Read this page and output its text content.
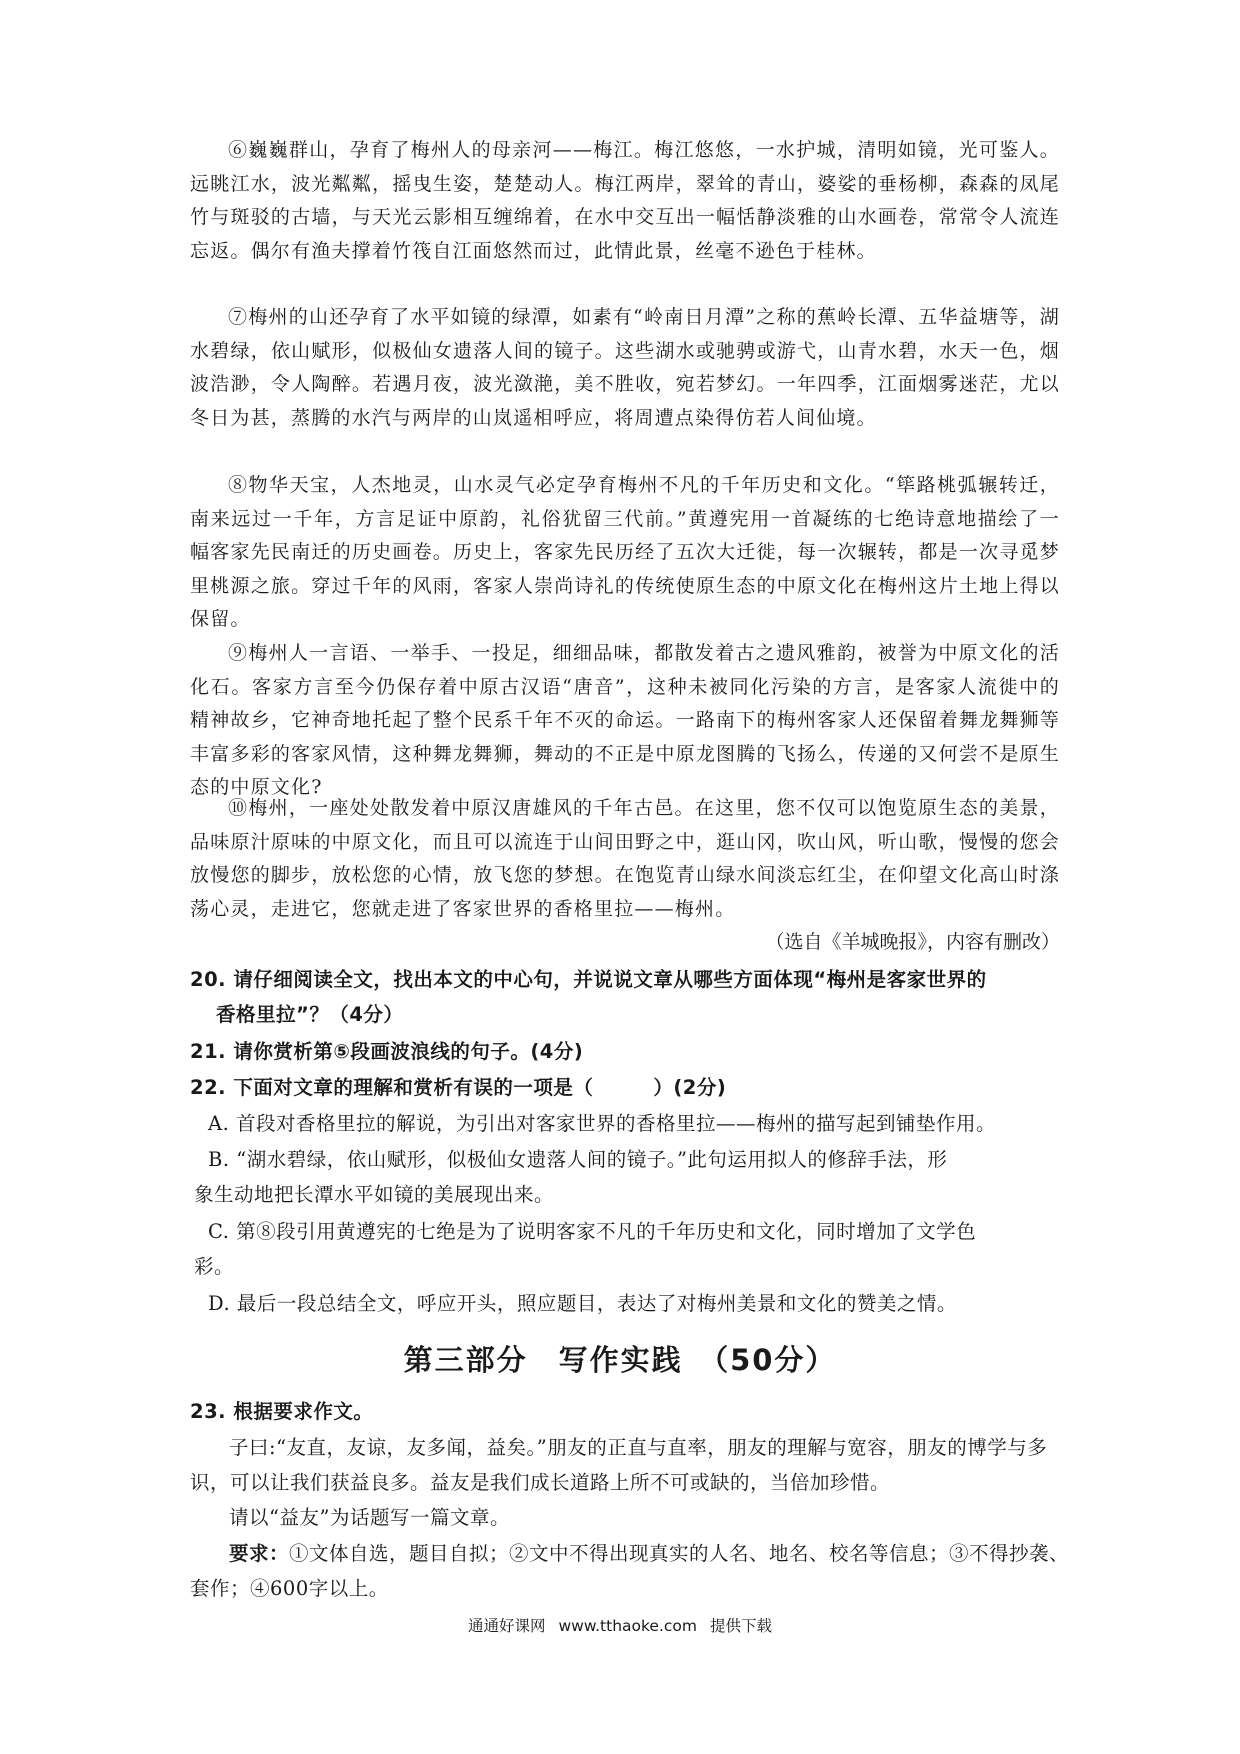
⑥巍巍群山，孕育了梅州人的母亲河——梅江。梅江悠悠，一水护城，清明如镜，光可鉴人。远眺江水，波光粼粼，摇曳生姿，楚楚动人。梅江两岸，翠耸的青山，婆娑的垂杨柳，森森的凤尾竹与斑驳的古墙，与天光云影相互缠绵着，在水中交互出一幅恬静淡雅的山水画卷，常常令人流连忘返。偶尔有渔夫撑着竹筏自江面悠然而过，此情此景，丝毫不逊色于桂林。

⑦梅州的山还孕育了水平如镜的绿潭，如素有“岭南日月潭”之称的蕉岭长潭、五华益塘等，湖水碧绿，依山赋形，似极仙女遗落人间的镜子。这些湖水或驰骋或游弋，山青水碧，水天一色，烟波浩渺，令人陶醉。若遇月夜，波光潋滟，美不胜收，宛若梦幻。一年四季，江面烟雾迷茫，尤以冬日为甚，蒸腾的水汽与两岸的山岚遥相呼应，将周遭点染得仿若人间仙境。

⑧物华天宝，人杰地灵，山水灵气必定孕育梅州不凡的千年历史和文化。“筚路桃弧辗转迁，南来远过一千年，方言足证中原韵，礼俗犹留三代前。”黄遵宪用一首凝练的七绝诗意地描绘了一幅客家先民南迁的历史画卷。历史上，客家先民历经了五次大迁徙，每一次辗转，都是一次寻觅梦里桃源之旅。穿过千年的风雨，客家人崇尚诗礼的传统使原生态的中原文化在梅州这片土地上得以保留。

⑨梅州人一言语、一举手、一投足，细细品味，都散发着古之遗风雅韵，被誉为中原文化的活化石。客家方言至今仍保存着中原古汉语“唐音”，这种未被同化污染的方言，是客家人流徙中的精神故乡，它神奇地托起了整个民系千年不灭的命运。一路南下的梅州客家人还保留着舞龙舞狮等丰富多彩的客家风情，这种舞龙舞狮，舞动的不正是中原龙图腾的飞扬么，传递的又何尝不是原生态的中原文化?

⑩梅州，一座处处散发着中原汉唐雄风的千年古邑。在这里，您不仅可以饱览原生态的美景，品味原汁原味的中原文化，而且可以流连于山间田野之中，逛山冈，吹山风，听山歌，慢慢的您会放慢您的脚步，放松您的心情，放飞您的梦想。在饱览青山绿水间淡忘红尘，在仰望文化高山时涤荡心灵，走进它，您就走进了客家世界的香格里拉——梅州。

（选自《羊城晚报》，内容有删改）

20. 请仔细阅读全文，找出本文的中心句，并说说文章从哪些方面体现“梅州是客家世界的
香格里拉”？（4分）

21. 请你赏析第⑤段画波浪线的句子。(4分)

22. 下面对文章的理解和赏析有误的一项是（　　　）(2分)

A. 首段对香格里拉的解说，为引出对客家世界的香格里拉——梅州的描写起到铺垫作用。

B. “湖水碧绿，依山赋形，似极仙女遗落人间的镜子。”此句运用拟人的修辞手法，形
象生动地把长潭水平如镜的美展现出来。

C. 第⑧段引用黄遵宪的七绝是为了说明客家不凡的千年历史和文化，同时增加了文学色
彩。

D. 最后一段总结全文，呼应开头，照应题目，表达了对梅州美景和文化的赞美之情。

第三部分　写作实践　（50分）

23. 根据要求作文。

子曰:“友直，友谅，友多闻，益矣。”朋友的正直与直率，朋友的理解与宽容，朋友的博学与多识，可以让我们获益良多。益友是我们成长道路上所不可或缺的，当倍加珍惜。

请以“益友”为话题写一篇文章。

要求：①文体自选，题目自拟；②文中不得出现真实的人名、地名、校名等信息；③不得抄袭、套作；④600字以上。

通通好课网 www.tthaoke.com 提供下载
